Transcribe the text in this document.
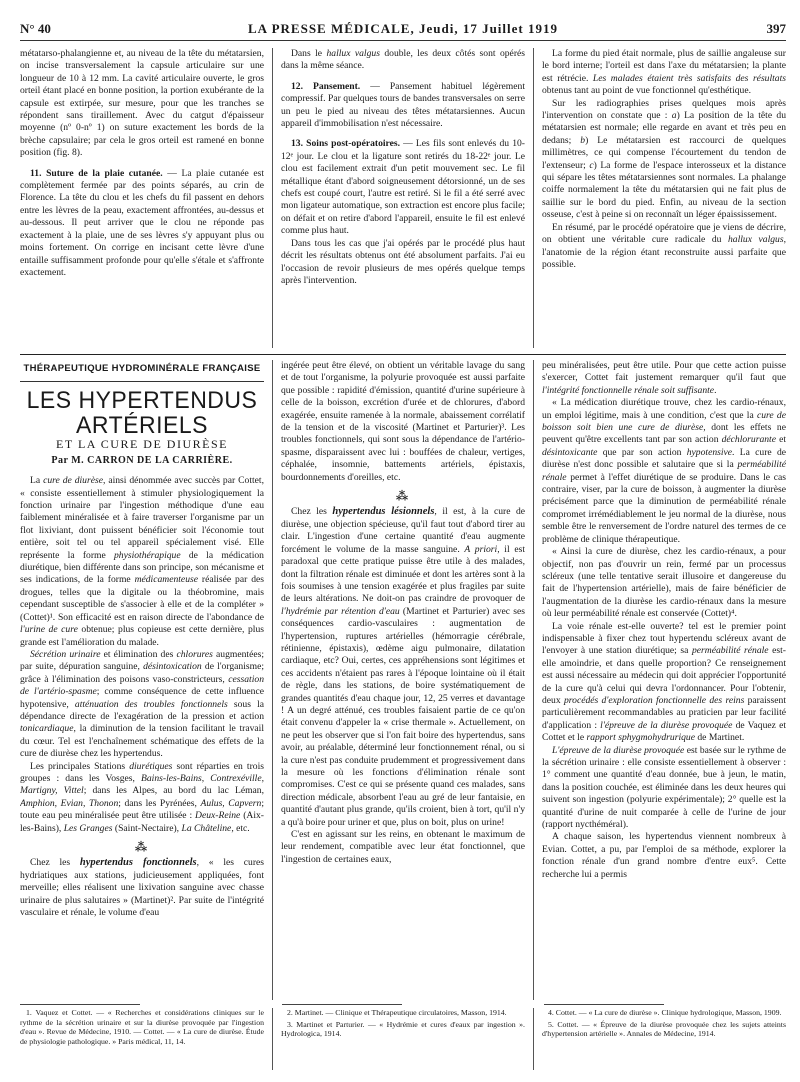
N° 40	LA PRESSE MÉDICALE, Jeudi, 17 Juillet 1919	397

métatarso-phalangienne et, au niveau de la tête du métatarsien, on incise transversalement la capsule articulaire sur une longueur de 10 à 12 mm. La cavité articulaire ouverte, le gros orteil étant placé en bonne position, la portion exubérante de la capsule est extirpée, sur mesure, pour que les tranches se répondent sans tiraillement. Avec du catgut d'épaisseur moyenne (nº 0-nº 1) on suture exactement les bords de la brèche capsulaire; par cela le gros orteil est ramené en bonne position (fig. 8).

11. Suture de la plaie cutanée. — La plaie cutanée est complètement fermée par des points séparés, au crin de Florence. La tête du clou et les chefs du fil passent en dehors entre les lèvres de la peau, exactement affrontées, au-dessus et au-dessous. Il peut arriver que le clou ne réponde pas exactement à la plaie, une de ses lèvres s'y appuyant plus ou moins fortement. On corrige en incisant cette lèvre d'une entaille suffisamment profonde pour qu'elle s'étale et s'affronte exactement.

Dans le hallux valgus double, les deux côtés sont opérés dans la même séance.

12. Pansement. — Pansement habituel légèrement compressif. Par quelques tours de bandes transversales on serre un peu le pied au niveau des têtes métatarsiennes. Aucun appareil d'immobilisation n'est nécessaire.

13. Soins post-opératoires. — Les fils sont enlevés du 10-12ᵉ jour. Le clou et la ligature sont retirés du 18-22ᵉ jour. Le clou est facilement extrait d'un petit mouvement sec. Le fil métallique étant d'abord soigneusement détorsionné, un de ses chefs est coupé court, l'autre est retiré. Si le fil a été serré avec mon ligateur automatique, son extraction est encore plus facile; on défait et on retire d'abord l'appareil, ensuite le fil est enlevé comme plus haut.

Dans tous les cas que j'ai opérés par le procédé plus haut décrit les résultats obtenus ont été absolument parfaits. J'ai eu l'occasion de revoir plusieurs de mes opérés quelque temps après l'intervention.

La forme du pied était normale, plus de saillie angaleuse sur le bord interne; l'orteil est dans l'axe du métatarsien; la plante est rétrécie. Les malades étaient très satisfaits des résultats obtenus tant au point de vue fonctionnel qu'esthétique.

Sur les radiographies prises quelques mois après l'intervention on constate que : a) La position de la tête du métatarsien est normale; elle regarde en avant et très peu en dedans; b) Le métatarsien est raccourci de quelques millimètres, ce qui compense l'écourtement du tendon de l'extenseur; c) La forme de l'espace interosseux et la distance qui sépare les têtes métatarsiennes sont normales. La phalange coiffe normalement la tête du métatarsien qui ne fait plus de saillie sur le bord du pied. Enfin, au niveau de la section osseuse, c'est à peine si on reconnaît un léger épaississement.

En résumé, par le procédé opératoire que je viens de décrire, on obtient une véritable cure radicale du hallux valgus, l'anatomie de la région étant reconstruite aussi parfaite que possible.

THÉRAPEUTIQUE HYDROMINÉRALE FRANÇAISE
LES HYPERTENDUS ARTÉRIELS
ET LA CURE DE DIURÈSE
Par M. CARRON DE LA CARRIÈRE.

La cure de diurèse, ainsi dénommée avec succès par Cottet, « consiste essentiellement à stimuler physiologiquement la fonction urinaire par l'ingestion méthodique d'une eau faiblement minéralisée et à faire traverser l'organisme par un flot lixiviant, dont puissent bénéficier soit l'économie tout entière, soit tel ou tel appareil spécialement visé. Elle représente la forme physiothérapique de la médication diurétique, bien différente dans son principe, son mécanisme et ses indications, de la forme médicamenteuse réalisée par des drogues, telles que la digitale ou la théobromine, mais cependant susceptible de s'associer à elle et de la compléter » (Cottet)¹. Son efficacité est en raison directe de l'abondance de l'urine de cure obtenue; plus copieuse est cette dernière, plus grande est l'amélioration du malade.

Sécrétion urinaire et élimination des chlorures augmentées; par suite, dépuration sanguine, désintoxication de l'organisme; grâce à l'élimination des poisons vaso-constricteurs, cessation de l'artério-spasme; comme conséquence de cette influence hypotensive, atténuation des troubles fonctionnels sous la dépendance directe de l'exagération de la pression et action tonicardiaque, la diminution de la tension facilitant le travail du cœur. Tel est l'enchaînement schématique des effets de la cure de diurèse chez les hypertendus.

Les principales Stations diurétiques sont réparties en trois groupes : dans les Vosges, Bains-les-Bains, Contrexéville, Martigny, Vittel; dans les Alpes, au bord du lac Léman, Amphion, Evian, Thonon; dans les Pyrénées, Aulus, Capvern; toute eau peu minéralisée peut être utilisée : Deux-Reine (Aix-les-Bains), Les Granges (Saint-Nectaire), La Châteline, etc.

⁂

Chez les hypertendus fonctionnels, « les cures hydriatiques aux stations, judicieusement appliquées, font merveille; elles réalisent une lixivation sanguine avec chasse urinaire de plus salutaires » (Martinet)². Par suite de l'intégrité vasculaire et rénale, le volume d'eau

ingérée peut être élevé, on obtient un véritable lavage du sang et de tout l'organisme, la polyurie provoquée est aussi parfaite que possible : rapidité d'émission, quantité d'urine supérieure à celle de la boisson, excrétion d'urée et de chlorures, d'abord exagérée, ensuite ramenée à la normale, abaissement corrélatif de la tension et de la viscosité (Martinet et Parturier)³. Les troubles fonctionnels, qui sont sous la dépendance de l'artério-spasme, disparaissent avec lui : bouffées de chaleur, vertiges, céphalée, insomnie, battements artériels, épistaxis, bourdonnements d'oreilles, etc.

⁂

Chez les hypertendus lésionnels, il est, à la cure de diurèse, une objection spécieuse, qu'il faut tout d'abord tirer au clair. L'ingestion d'une certaine quantité d'eau augmente forcément le volume de la masse sanguine. A priori, il est paradoxal que cette pratique puisse être utile à des malades, dont la filtration rénale est diminuée et dont les artères sont à la fois soumises à une tension exagérée et plus fragiles par suite de leurs altérations. Ne doit-on pas craindre de provoquer de l'hydrémie par rétention d'eau (Martinet et Parturier) avec ses conséquences cardio-vasculaires : augmentation de l'hypertension, ruptures artérielles (hémorragie cérébrale, rétinienne, épistaxis), œdème aigu pulmonaire, dilatation cardiaque, etc? Oui, certes, ces appréhensions sont légitimes et ces accidents n'étaient pas rares à l'époque lointaine où il était de règle, dans les stations, de boire systématiquement de grandes quantités d'eau chaque jour, 12, 25 verres et davantage ! A un degré atténué, ces troubles faisaient partie de ce qu'on était convenu d'appeler la « crise thermale ». Actuellement, on ne peut les observer que si l'on fait boire des hypertendus, sans avoir, au préalable, déterminé leur fonctionnement rénal, ou si la cure n'est pas conduite prudemment et progressivement dans la mesure où les fonctions d'élimination rénale sont compromises. C'est ce qui se présente quand ces malades, sans direction médicale, absorbent l'eau au gré de leur fantaisie, en quantité d'autant plus grande, qu'ils croient, bien à tort, qu'il n'y a qu'à boire pour uriner et que, plus on boit, plus on urine!

C'est en agissant sur les reins, en obtenant le maximum de leur rendement, compatible avec leur état fonctionnel, que l'ingestion de certaines eaux,

peu minéralisées, peut être utile. Pour que cette action puisse s'exercer, Cottet fait justement remarquer qu'il faut que l'intégrité fonctionnelle rénale soit suffisante.

« La médication diurétique trouve, chez les cardio-rénaux, un emploi légitime, mais à une condition, c'est que la cure de boisson soit bien une cure de diurèse, dont les effets ne peuvent qu'être excellents tant par son action déchlorurante et désintoxicante que par son action hypotensive. La cure de diurèse n'est donc possible et salutaire que si la perméabilité rénale permet à l'effet diurétique de se produire. Dans le cas contraire, viser, par la cure de boisson, à augmenter la diurèse précisément parce que la diminution de perméabilité rénale compromet irrémédiablement le jeu normal de la diurèse, nous semble être le renversement de l'ordre naturel des termes de ce problème de clinique thérapeutique.

« Ainsi la cure de diurèse, chez les cardio-rénaux, a pour objectif, non pas d'ouvrir un rein, fermé par un processus scléreux (une telle tentative serait illusoire et dangereuse du fait de l'hypertension artérielle), mais de faire bénéficier de l'augmentation de la diurèse les cardio-rénaux dans la mesure où leur perméabilité rénale est conservée (Cottet)⁴.

La voie rénale est-elle ouverte? tel est le premier point indispensable à fixer chez tout hypertendu scléreux avant de l'envoyer à une station diurétique; sa perméabilité rénale est-elle amoindrie, et dans quelle proportion? Ce renseignement est aussi nécessaire au médecin qui doit apprécier l'opportunité de la cure qu'à celui qui devra l'ordonnancer. Pour l'obtenir, deux procédés d'exploration fonctionnelle des reins paraissent particulièrement recommandables au praticien par leur facilité d'application : l'épreuve de la diurèse provoquée de Vaquez et Cottet et le rapport sphygmohydrurique de Martinet.

L'épreuve de la diurèse provoquée est basée sur le rythme de la sécrétion urinaire : elle consiste essentiellement à observer : 1° comment une quantité d'eau donnée, bue à jeun, le matin, dans la position couchée, est éliminée dans les deux heures qui suivent son ingestion (polyurie expérimentale); 2° quelle est la quantité d'urine de nuit comparée à celle de l'urine de jour (rapport nycthéméral).

A chaque saison, les hypertendus viennent nombreux à Evian. Cottet, a pu, par l'emploi de sa méthode, explorer la fonction rénale d'un grand nombre d'entre eux⁵. Cette recherche lui a permis

1. Vaquez et Cottet. — « Recherches et considérations cliniques sur le rythme de la sécrétion urinaire et sur la diurèse provoquée par l'ingestion d'eau ». Revue de Médecine, 1910. — Cottet. — « La cure de diurèse. Étude de physiologie pathologique. » Paris médical, 11, 14.

2. Martinet. — Clinique et Thérapeutique circulatoires, Masson, 1914.

3. Martinet et Parturier. — « Hydrémie et cures d'eaux par ingestion ». Hydrologica, 1914.

4. Cottet. — « La cure de diurèse ». Clinique hydrologique, Masson, 1909.

5. Cottet. — « Épreuve de la diurèse provoquée chez les sujets atteints d'hypertension artérielle ». Annales de Médecine, 1914.
